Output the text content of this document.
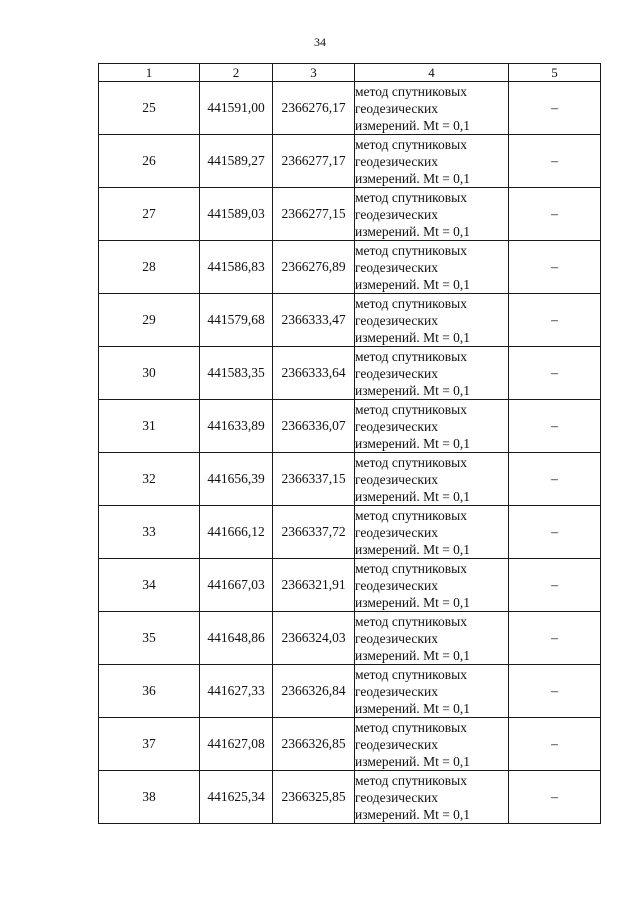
34
1	2	3	4	5
25	441591,00	2366276,17	метод спутниковых
геодезических
измерений. Mt = 0,1	–
26	441589,27	2366277,17	метод спутниковых
геодезических
измерений. Mt = 0,1	–
27	441589,03	2366277,15	метод спутниковых
геодезических
измерений. Mt = 0,1	–
28	441586,83	2366276,89	метод спутниковых
геодезических
измерений. Mt = 0,1	–
29	441579,68	2366333,47	метод спутниковых
геодезических
измерений. Mt = 0,1	–
30	441583,35	2366333,64	метод спутниковых
геодезических
измерений. Mt = 0,1	–
31	441633,89	2366336,07	метод спутниковых
геодезических
измерений. Mt = 0,1	–
32	441656,39	2366337,15	метод спутниковых
геодезических
измерений. Mt = 0,1	–
33	441666,12	2366337,72	метод спутниковых
геодезических
измерений. Mt = 0,1	–
34	441667,03	2366321,91	метод спутниковых
геодезических
измерений. Mt = 0,1	–
35	441648,86	2366324,03	метод спутниковых
геодезических
измерений. Mt = 0,1	–
36	441627,33	2366326,84	метод спутниковых
геодезических
измерений. Mt = 0,1	–
37	441627,08	2366326,85	метод спутниковых
геодезических
измерений. Mt = 0,1	–
38	441625,34	2366325,85	метод спутниковых
геодезических
измерений. Mt = 0,1	–
